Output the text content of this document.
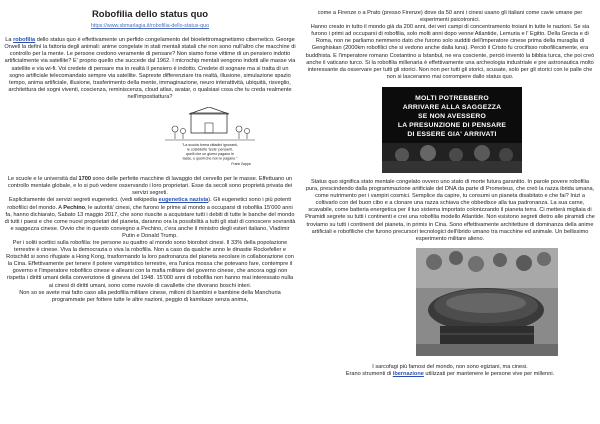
Robofilia dello status quo
https://www.sbmarlagia.it/robofilia-dello-status-quo

La robofilia dello status quo è effettivamente un perfido congelamento del bioelettromagnetismo cibernetico. George Orwell la definì la fattoria degli animali: anime congelate in stati mentali statali che non sono null'altro che macchine di controllo per la mente. Le persone credono veramente di pensare? Non siamo forse vittime di un pensiero indotto artificialmente via satellite? E' proprio quello che succede dal 1962. I microchip mentali vengono indotti alle masse via satellite e via wi-fi. Voi credete di pensare ma in realtà il pensiero è indotto. Credete di sognare ma si tratta di un sogno artificiale telecomandato sempre via satellite. Sapreste differenziare tra realtà, illusione, simulazione spazio tempo, anima artificiale, illusione, trasferimento della mente, immaginazione, neuro interattività, ubiquità, risveglio, architettura dei sogni viventi, coscienza, reminiscenza, cloud atlas, avatar, o qualsiasi cosa che tu creda realmente nell'impostiattura?

"La scuola forma cittadini ignoranti,
le cosiddette 'teste' pensanti,
quelli che un giorno pagano le
tasse, e quelli che non le pagano."
Frank Zappa

Le scuole e le università dal 1700 sono delle perfette macchine di lavaggio del cervello per le masse. Effettuano un controllo mentale globale, e lo si può vedere osservando i loro proprietari. Esse da secoli sono proprietà privata dei servizi segreti.

Esplicitamente dei servizi segreti eugenetici. (vedi wikipedia eugenetica nazista). Gli eugenetici sono i più potenti robofilici del mondo. A Pechino, le autorità' cinesi, che furono le prime al mondo a occuparsi di robofilia 15'000 anni fa, hanno dichiarato, Sabato 13 maggio 2017, che sono riuscite a acquistare tutti i debiti di tutte le banche del mondo di tutti i paesi e che come nuovi proprietari del pianeta, daranno ora la possibilità a tutti gli stati di conoscere sovranità e saggezza cinese. Ovvio che in questo convegno a Pechino, c'era anche il ministro degli esteri italiano, Vladimir Putin e Donald Trump.

Per i soliti scettici sulla robofilia: tre persone su quattro al mondo sono biorobot cinesi. Il 33% della popolazione terrestre è cinese. Viva la democrazia o viva la robofilia. Non a caso da qualche anno le dinastie Rockefeller e Rotschild si sono rifugiate a Hong Kong, trasformando la loro padronanza del pianeta secolare in collaborazione con la Cina. Effettivamente per tenere il potere vampiristico terrestre, era l'unica mossa che potevano fare, contempre il governo e l'imperatore robofilico cinese e allearsi con la mafia militare del governo cinese, che ancora oggi non rispetta i diritti umani della convenzione di ginevra del 1948. 15'000 anni di robofilia non hanno mai interessato nulla ai cinesi di diritti umani, sono come nuvole di cavallette che divorano boschi interi.

Non so se avete mai fatto caso alla pedofilia militare cinese, milioni di bambini e bambine della Manchuria programmate per fottere tutte le altre nazioni, peggio di kamikaze senza anima,

come a Firenze o a Prato (presso Firenze) dove da 50 anni i cinesi usano gli italiani come cavie umane per esperimenti psicotronici.

Hanno creato in tutto il mondo già da 200 anni, dei veri campi di concentramento troiani in tutte le nazioni. Se sia furono i primi ad occuparsi di robofilia, solo molti anni dopo venne Atlantide, Lemuria e l' Egitto. Della Grecia e di Roma, non ne parliamo nemmeno dato che furono solo sudditi dell'imperatore cinese prima della muraglia di Genghiskan (2000km robofilici che si vedono anche dalla luna). Perciò il Cristo fu crocifisso robofilicamente, era buddhista. E l'imperatore romano Costantino a Istanbul, ne era cosciente, perciò inventò la bibbia turca, che poi creò anche il vaticano turco. Si la robofilia millenaria è effettivamente una archeologia industriale e pre astronautica molto interessante da osservare per tutti gli storici. Non non per tutti gli storici, scusate, solo per gli storici con le palle che non si lasceranno mai corrompere dallo status quo.

MOLTI POTREBBERO
ARRIVARE ALLA SAGGEZZA
SE NON AVESSERO
LA PRESUNZIONE DI PENSARE
DI ESSERE GIA' ARRIVATI

Status quo significa stato mentale congelato ovvero uno stato di morte futura garantito. In parole povere robofilia pura, prescindendo dalla programmazione artificiale del DNA da parte di Prometeus, che creò la razza ibrida umana, come nutrimento per i vampiri cosmici. Semplice da capire, tu consumi un pianeta disabitato e che fai? Inizi a coltivarlo con del buon cibo e a clonare una razza schiava che obbedisce alla tua padronanza. La sua carne, scavabile, come batteria energetica per il tuo sistema importato colonizzando il pianeta terra. Ci metterà migliaia di Piramidi segrete su tutti i continenti e crei una robofilia modello Atlantide. Non esistono segreti dietro alle piramidi che troviamo su tutti i continenti del pianeta, in primis in Cina. Sono effettivamente architetture di dominanza della anime artificiali e robofiliche che furono precursori tecnologici dell'ibrido umano tra macchine ed animale. Un bellissimo esperimento militare alieno.

I sarcofagi più famosi del mondo, non sono egiziani, ma cinesi.

Erano strumenti di ibernazione utilizzati per mantenere le persone vive per millenni.
